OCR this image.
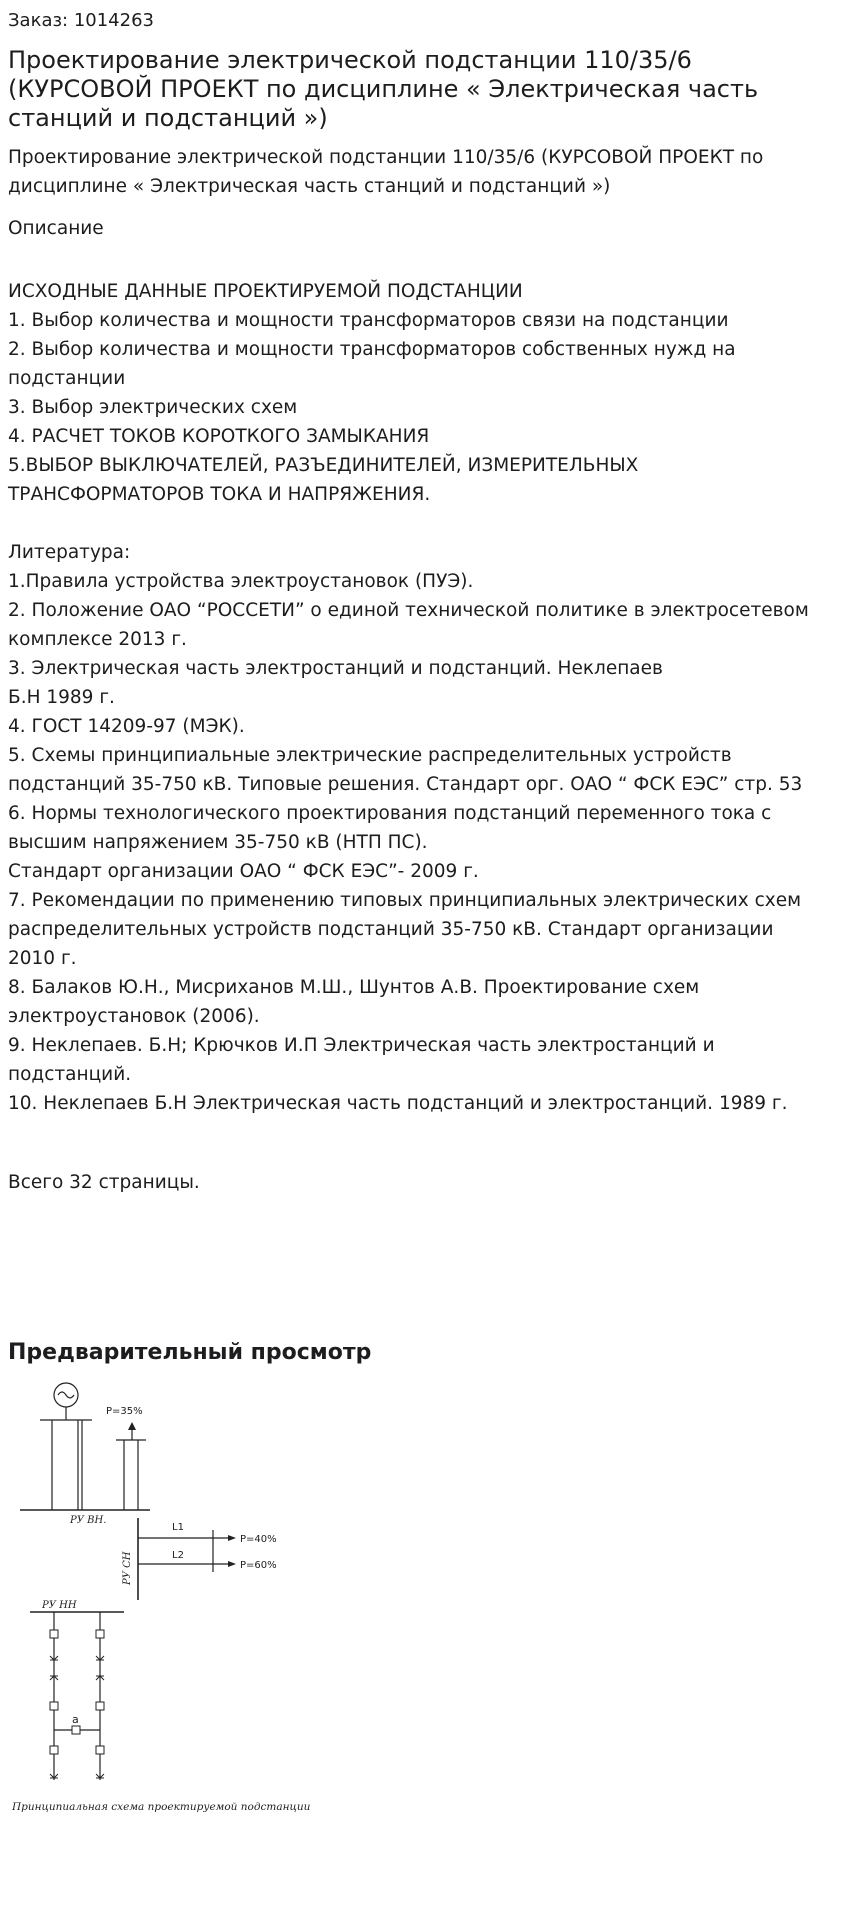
Заказ: 1014263
Проектирование электрической подстанции 110/35/6 (КУРСОВОЙ ПРОЕКТ по дисциплине « Электрическая часть станций и подстанций »)
Проектирование электрической подстанции 110/35/6 (КУРСОВОЙ ПРОЕКТ по дисциплине « Электрическая часть станций и подстанций »)
Описание
ИСХОДНЫЕ ДАННЫЕ ПРОЕКТИРУЕМОЙ ПОДСТАНЦИИ
1. Выбор количества и мощности трансформаторов связи на подстанции
2. Выбор количества и мощности трансформаторов собственных нужд на
подстанции
3. Выбор электрических схем
4. РАСЧЕТ ТОКОВ КОРОТКОГО ЗАМЫКАНИЯ
5.ВЫБОР ВЫКЛЮЧАТЕЛЕЙ, РАЗЪЕДИНИТЕЛЕЙ, ИЗМЕРИТЕЛЬНЫХ
ТРАНСФОРМАТОРОВ ТОКА И НАПРЯЖЕНИЯ.
Литература:
1.Правила устройства электроустановок (ПУЭ).
2. Положение ОАО “РОССЕТИ” о единой технической политике в электросетевом
комплексе 2013 г.
3. Электрическая часть электростанций и подстанций. Неклепаев
Б.Н 1989 г.
4. ГОСТ 14209-97 (МЭК).
5. Схемы принципиальные электрические распределительных устройств
подстанций 35-750 кВ. Типовые решения. Стандарт орг. ОАО “ ФСК ЕЭС” стр. 53
6. Нормы технологического проектирования подстанций переменного тока с
высшим напряжением 35-750 кВ (НТП ПС).
Стандарт организации ОАО “ ФСК ЕЭС”- 2009 г.
7. Рекомендации по применению типовых принципиальных электрических схем
распределительных устройств подстанций 35-750 кВ. Стандарт организации
2010 г.
8. Балаков Ю.Н., Мисриханов М.Ш., Шунтов А.В. Проектирование схем
электроустановок (2006).
9. Неклепаев. Б.Н; Крючков И.П Электрическая часть электростанций и
подстанций.
10. Неклепаев Б.Н Электрическая часть подстанций и электростанций. 1989 г.
Всего 32 страницы.
Предварительный просмотр
P=35%
РУ ВН.
РУ СН
L1
L2
P=40%
P=60%
РУ НН
a
Принципиальная схема проектируемой подстанции
